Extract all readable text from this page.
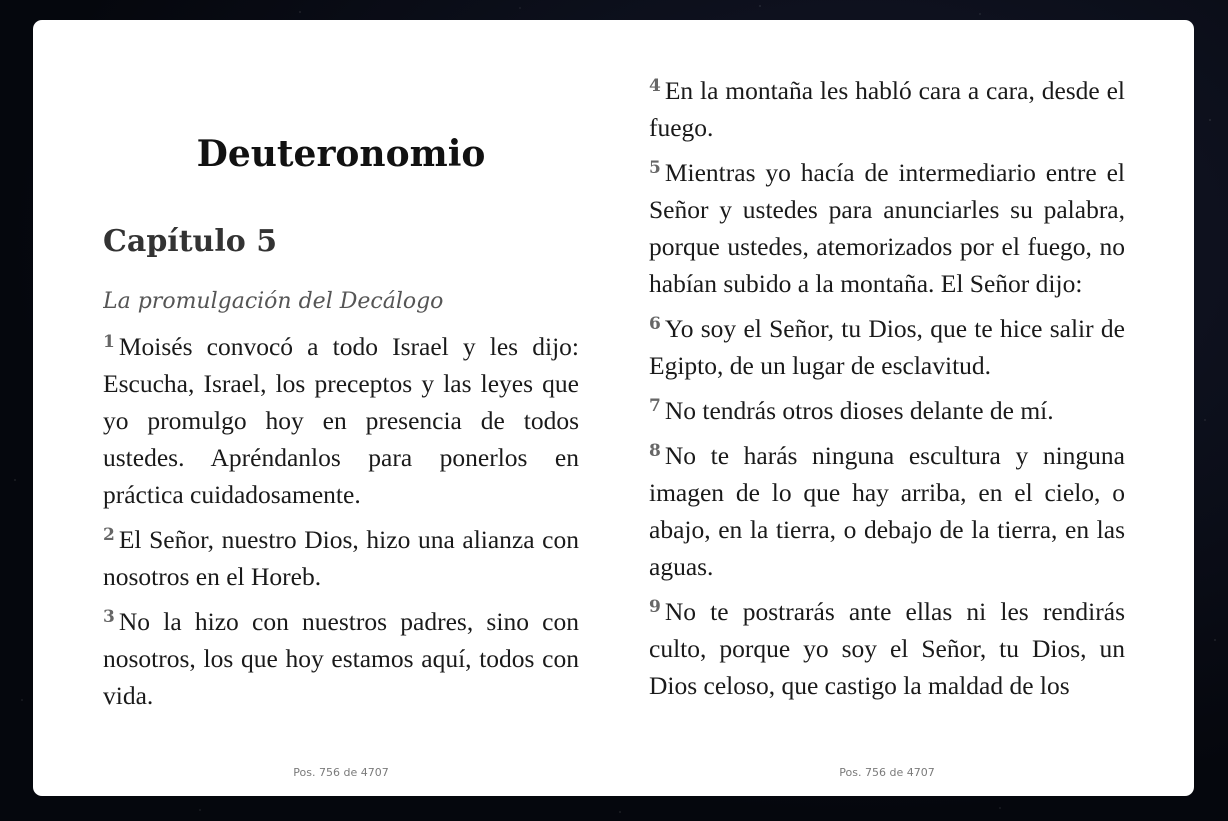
Deuteronomio
Capítulo 5
La promulgación del Decálogo

$^1$ Moisés convocó a todo Israel y les dijo: Escucha, Israel, los preceptos y las leyes que yo promulgo hoy en presencia de todos ustedes. Apréndanlos para ponerlos en práctica cuidadosamente.

$^2$ El Señor, nuestro Dios, hizo una alianza con nosotros en el Horeb.

$^3$ No la hizo con nuestros padres, sino con nosotros, los que hoy estamos aquí, todos con vida.

$^4$ En la montaña les habló cara a cara, desde el fuego.

$^5$ Mientras yo hacía de intermediario entre el Señor y ustedes para anunciarles su palabra, porque ustedes, atemorizados por el fuego, no habían subido a la montaña. El Señor dijo:

$^6$ Yo soy el Señor, tu Dios, que te hice salir de Egipto, de un lugar de esclavitud.

$^7$ No tendrás otros dioses delante de mí.

$^8$ No te harás ninguna escultura y ninguna imagen de lo que hay arriba, en el cielo, o abajo, en la tierra, o debajo de la tierra, en las aguas.

$^9$ No te postrarás ante ellas ni les rendirás culto, porque yo soy el Señor, tu Dios, un Dios celoso, que castigo la maldad de los

Pos. 756 de 4707	Pos. 756 de 4707
